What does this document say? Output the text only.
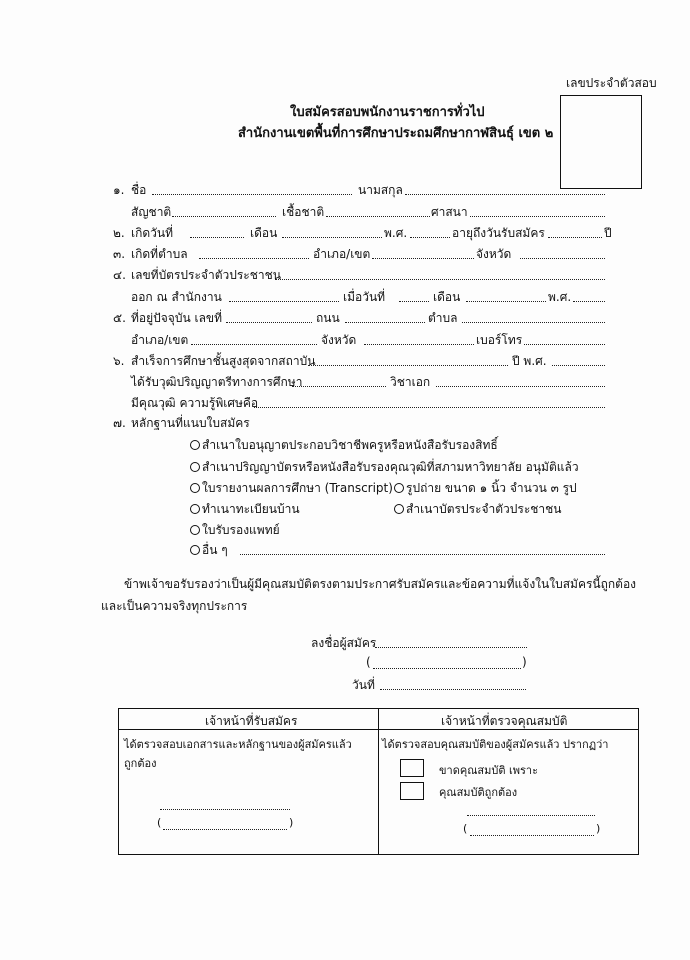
เลขประจำตัวสอบ
ใบสมัครสอบพนักงานราชการทั่วไป
สำนักงานเขตพื้นที่การศึกษาประถมศึกษากาฬสินธุ์ เขต ๒
๑. ชื่อ	นามสกุล
สัญชาติ	เชื้อชาติ	ศาสนา
๒. เกิดวันที่	เดือน	พ.ศ.	อายุถึงวันรับสมัคร	ปี
๓. เกิดที่ตำบล	อำเภอ/เขต	จังหวัด
๔. เลขที่บัตรประจำตัวประชาชน
ออก ณ สำนักงาน	เมื่อวันที่	เดือน	พ.ศ.
๕. ที่อยู่ปัจจุบัน เลขที่	ถนน	ตำบล
อำเภอ/เขต	จังหวัด	เบอร์โทร
๖. สำเร็จการศึกษาชั้นสูงสุดจากสถาบัน	ปี พ.ศ.
ได้รับวุฒิปริญญาตรีทางการศึกษา	วิชาเอก
มีคุณวุฒิ ความรู้พิเศษคือ
๗. หลักฐานที่แนบใบสมัคร
สำเนาใบอนุญาตประกอบวิชาชีพครูหรือหนังสือรับรองสิทธิ์
สำเนาปริญญาบัตรหรือหนังสือรับรองคุณวุฒิที่สภามหาวิทยาลัย อนุมัติแล้ว
ใบรายงานผลการศึกษา (Transcript)	รูปถ่าย ขนาด ๑ นิ้ว จำนวน ๓ รูป
ทำเนาทะเบียนบ้าน	สำเนาบัตรประจำตัวประชาชน
ใบรับรองแพทย์
อื่น ๆ
ข้าพเจ้าขอรับรองว่าเป็นผู้มีคุณสมบัติตรงตามประกาศรับสมัครและข้อความที่แจ้งในใบสมัครนี้ถูกต้อง
และเป็นความจริงทุกประการ
ลงชื่อผู้สมัคร
(	)
วันที่
เจ้าหน้าที่รับสมัคร	เจ้าหน้าที่ตรวจคุณสมบัติ
ได้ตรวจสอบเอกสารและหลักฐานของผู้สมัครแล้ว
ถูกต้อง
(	)
ได้ตรวจสอบคุณสมบัติของผู้สมัครแล้ว ปรากฏว่า
ขาดคุณสมบัติ เพราะ
คุณสมบัติถูกต้อง
(	)
